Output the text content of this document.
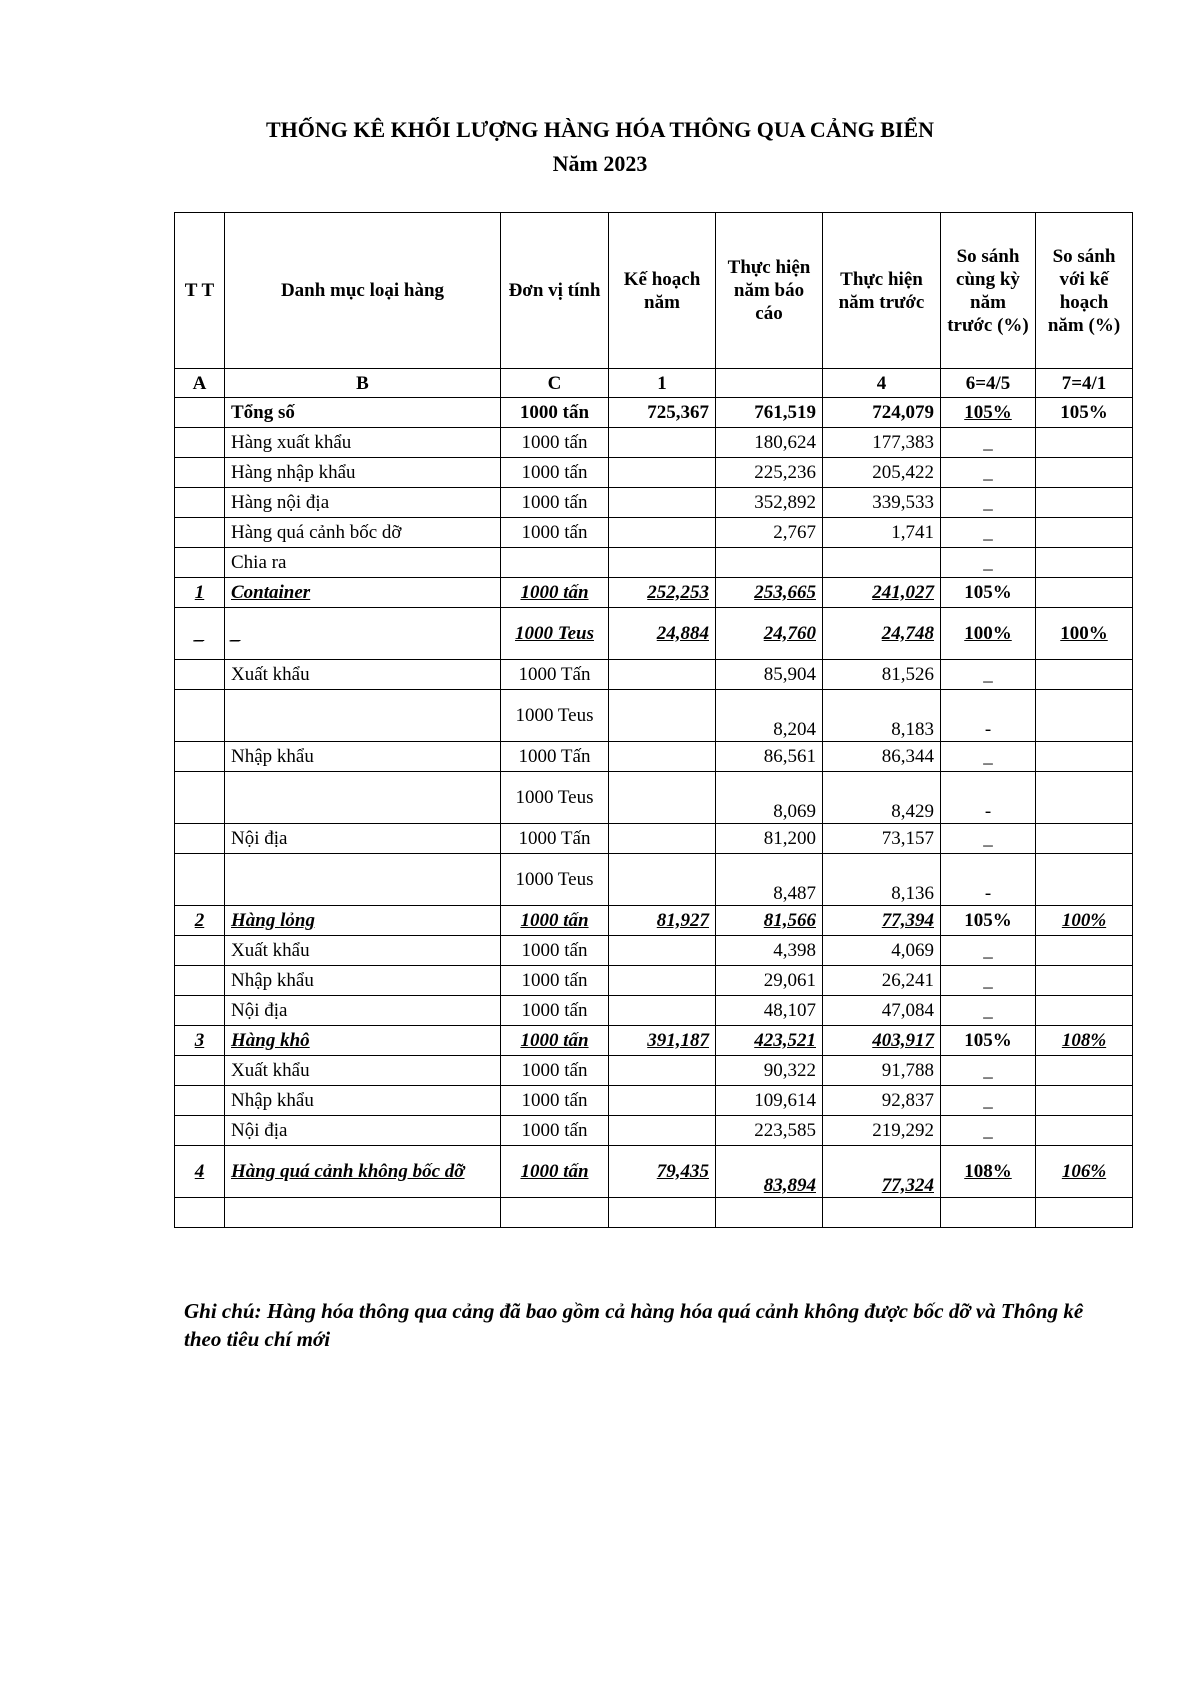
THỐNG KÊ KHỐI LƯỢNG HÀNG HÓA THÔNG QUA CẢNG BIỂN
Năm 2023
T T	Danh mục loại hàng	Đơn vị tính	Kế hoạch năm	Thực hiện năm báo cáo	Thực hiện năm trước	So sánh cùng kỳ năm trước (%)	So sánh với kế hoạch năm (%)
A	B	C	1		4	6=4/5	7=4/1
	Tổng số	1000 tấn	725,367	761,519	724,079	105%	105%
	Hàng xuất khẩu	1000 tấn		180,624	177,383	_	
	Hàng nhập khẩu	1000 tấn		225,236	205,422	_	
	Hàng nội địa	1000 tấn		352,892	339,533	_	
	Hàng quá cảnh bốc dỡ	1000 tấn		2,767	1,741	_	
	Chia ra					_	
1	Container	1000 tấn	252,253	253,665	241,027	105%	
_	_	1000 Teus	24,884	24,760	24,748	100%	100%
	Xuất khẩu	1000 Tấn		85,904	81,526	_	
		1000 Teus		8,204	8,183	-	
	Nhập khẩu	1000 Tấn		86,561	86,344	_	
		1000 Teus		8,069	8,429	-	
	Nội địa	1000 Tấn		81,200	73,157	_	
		1000 Teus		8,487	8,136	-	
2	Hàng lỏng	1000 tấn	81,927	81,566	77,394	105%	100%
	Xuất khẩu	1000 tấn		4,398	4,069	_	
	Nhập khẩu	1000 tấn		29,061	26,241	_	
	Nội địa	1000 tấn		48,107	47,084	_	
3	Hàng khô	1000 tấn	391,187	423,521	403,917	105%	108%
	Xuất khẩu	1000 tấn		90,322	91,788	_	
	Nhập khẩu	1000 tấn		109,614	92,837	_	
	Nội địa	1000 tấn		223,585	219,292	_	
4	Hàng quá cảnh không bốc dỡ	1000 tấn	79,435	83,894	77,324	108%	106%

Ghi chú: Hàng hóa thông qua cảng đã bao gồm cả hàng hóa quá cảnh không được bốc dỡ và Thông kê theo tiêu chí mới
